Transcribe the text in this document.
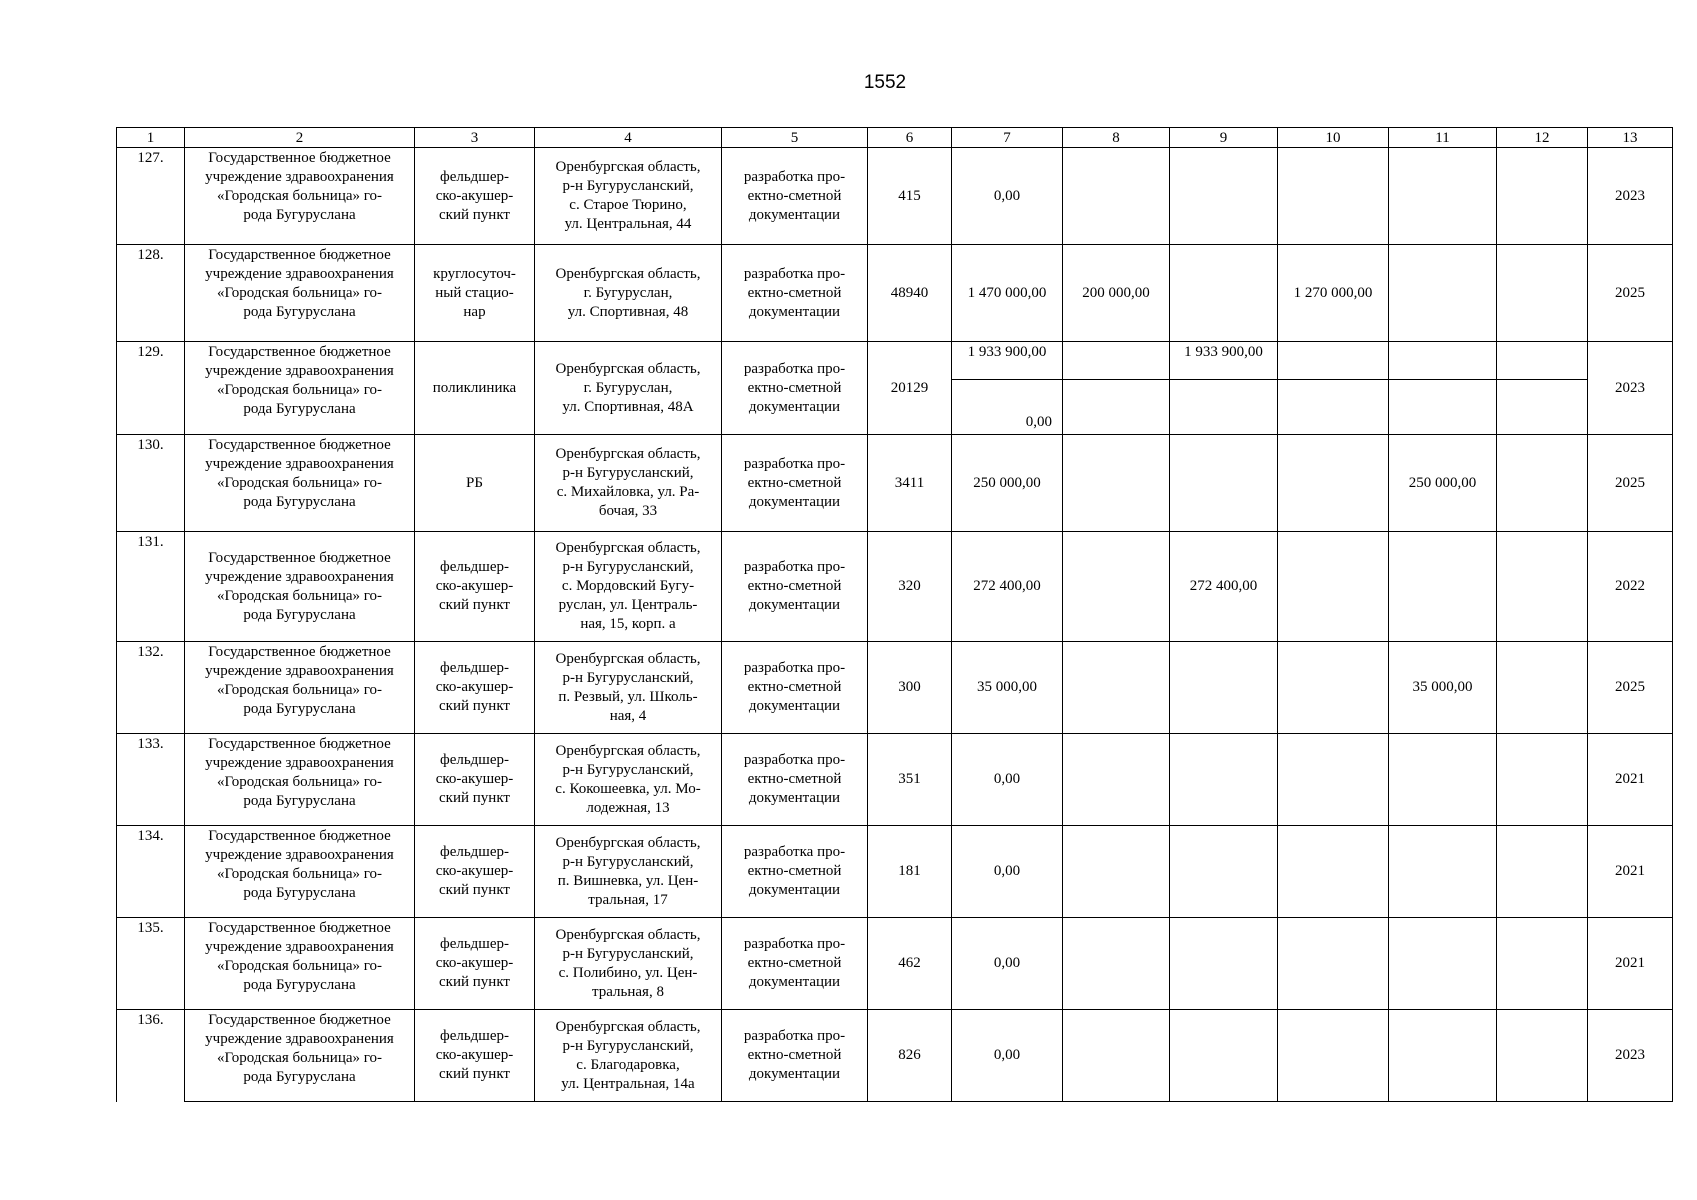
1552
1	2	3	4	5	6	7	8	9	10	11	12	13
127.	Государственное бюджетное
учреждение здравоохранения
«Городская больница» го-
рода Бугуруслана	фельдшер-
ско-акушер-
ский пункт	Оренбургская область,
р-н Бугурусланский,
с. Старое Тюрино,
ул. Центральная, 44	разработка про-
ектно-сметной
документации	415	0,00						2023
128.	Государственное бюджетное
учреждение здравоохранения
«Городская больница» го-
рода Бугуруслана	круглосуточ-
ный стацио-
нар	Оренбургская область,
г. Бугуруслан,
ул. Спортивная, 48	разработка про-
ектно-сметной
документации	48940	1 470 000,00	200 000,00		1 270 000,00			2025
129.	Государственное бюджетное
учреждение здравоохранения
«Городская больница» го-
рода Бугуруслана	поликлиника	Оренбургская область,
г. Бугуруслан,
ул. Спортивная, 48А	разработка про-
ектно-сметной
документации	20129	1 933 900,00		1 933 900,00				2023
						0,00						
130.	Государственное бюджетное
учреждение здравоохранения
«Городская больница» го-
рода Бугуруслана	РБ	Оренбургская область,
р-н Бугурусланский,
с. Михайловка, ул. Ра-
бочая, 33	разработка про-
ектно-сметной
документации	3411	250 000,00				250 000,00		2025
131.	Государственное бюджетное
учреждение здравоохранения
«Городская больница» го-
рода Бугуруслана	фельдшер-
ско-акушер-
ский пункт	Оренбургская область,
р-н Бугурусланский,
с. Мордовский Бугу-
руслан, ул. Централь-
ная, 15, корп. а	разработка про-
ектно-сметной
документации	320	272 400,00		272 400,00				2022
132.	Государственное бюджетное
учреждение здравоохранения
«Городская больница» го-
рода Бугуруслана	фельдшер-
ско-акушер-
ский пункт	Оренбургская область,
р-н Бугурусланский,
п. Резвый, ул. Школь-
ная, 4	разработка про-
ектно-сметной
документации	300	35 000,00				35 000,00		2025
133.	Государственное бюджетное
учреждение здравоохранения
«Городская больница» го-
рода Бугуруслана	фельдшер-
ско-акушер-
ский пункт	Оренбургская область,
р-н Бугурусланский,
с. Кокошеевка, ул. Мо-
лодежная, 13	разработка про-
ектно-сметной
документации	351	0,00						2021
134.	Государственное бюджетное
учреждение здравоохранения
«Городская больница» го-
рода Бугуруслана	фельдшер-
ско-акушер-
ский пункт	Оренбургская область,
р-н Бугурусланский,
п. Вишневка, ул. Цен-
тральная, 17	разработка про-
ектно-сметной
документации	181	0,00						2021
135.	Государственное бюджетное
учреждение здравоохранения
«Городская больница» го-
рода Бугуруслана	фельдшер-
ско-акушер-
ский пункт	Оренбургская область,
р-н Бугурусланский,
с. Полибино, ул. Цен-
тральная, 8	разработка про-
ектно-сметной
документации	462	0,00						2021
136.	Государственное бюджетное
учреждение здравоохранения
«Городская больница» го-
рода Бугуруслана	фельдшер-
ско-акушер-
ский пункт	Оренбургская область,
р-н Бугурусланский,
с. Благодаровка,
ул. Центральная, 14а	разработка про-
ектно-сметной
документации	826	0,00						2023
